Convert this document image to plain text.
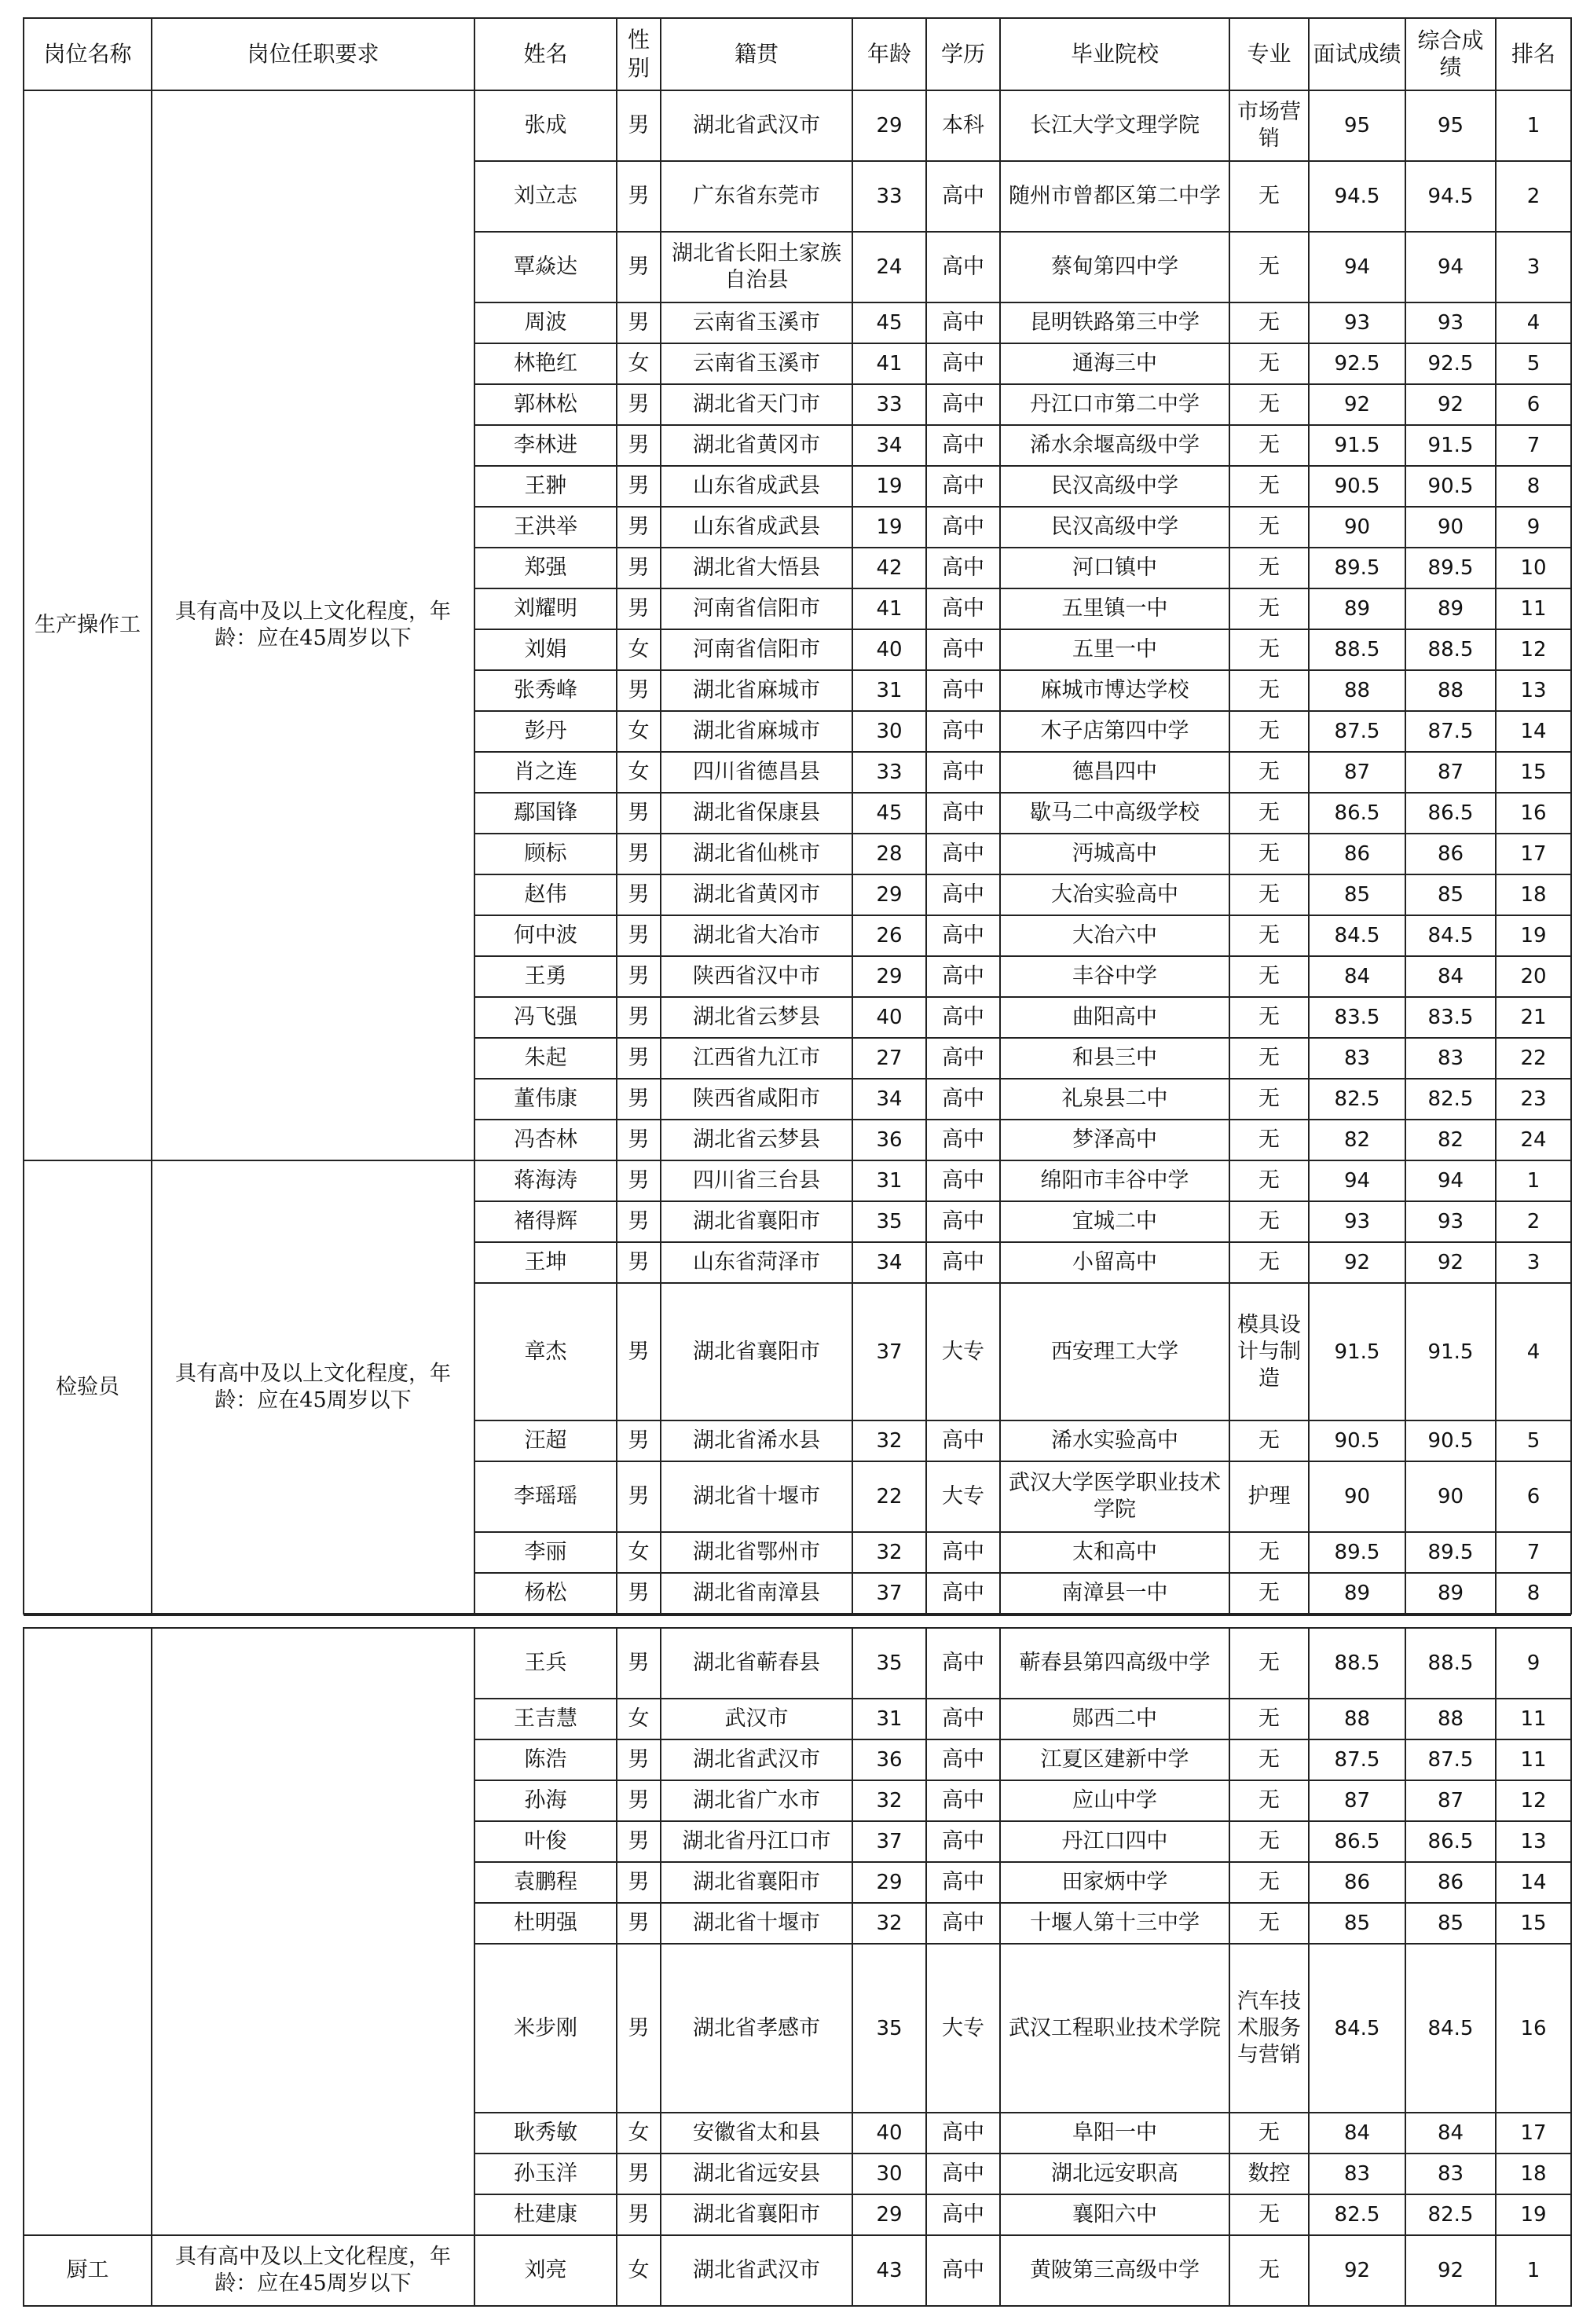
岗位名称	岗位任职要求	姓名	性别	籍贯	年龄	学历	毕业院校	专业	面试成绩	综合成绩	排名
生产操作工	具有高中及以上文化程度，年龄：应在45周岁以下	张成	男	湖北省武汉市	29	本科	长江大学文理学院	市场营销	95	95	1
		刘立志	男	广东省东莞市	33	高中	随州市曾都区第二中学	无	94.5	94.5	2
		覃焱达	男	湖北省长阳土家族自治县	24	高中	蔡甸第四中学	无	94	94	3
		周波	男	云南省玉溪市	45	高中	昆明铁路第三中学	无	93	93	4
		林艳红	女	云南省玉溪市	41	高中	通海三中	无	92.5	92.5	5
		郭林松	男	湖北省天门市	33	高中	丹江口市第二中学	无	92	92	6
		李林进	男	湖北省黄冈市	34	高中	浠水余堰高级中学	无	91.5	91.5	7
		王翀	男	山东省成武县	19	高中	民汉高级中学	无	90.5	90.5	8
		王洪举	男	山东省成武县	19	高中	民汉高级中学	无	90	90	9
		郑强	男	湖北省大悟县	42	高中	河口镇中	无	89.5	89.5	10
		刘耀明	男	河南省信阳市	41	高中	五里镇一中	无	89	89	11
		刘娟	女	河南省信阳市	40	高中	五里一中	无	88.5	88.5	12
		张秀峰	男	湖北省麻城市	31	高中	麻城市博达学校	无	88	88	13
		彭丹	女	湖北省麻城市	30	高中	木子店第四中学	无	87.5	87.5	14
		肖之连	女	四川省德昌县	33	高中	德昌四中	无	87	87	15
		鄢国锋	男	湖北省保康县	45	高中	歇马二中高级学校	无	86.5	86.5	16
		顾标	男	湖北省仙桃市	28	高中	沔城高中	无	86	86	17
		赵伟	男	湖北省黄冈市	29	高中	大冶实验高中	无	85	85	18
		何中波	男	湖北省大冶市	26	高中	大冶六中	无	84.5	84.5	19
		王勇	男	陕西省汉中市	29	高中	丰谷中学	无	84	84	20
		冯飞强	男	湖北省云梦县	40	高中	曲阳高中	无	83.5	83.5	21
		朱起	男	江西省九江市	27	高中	和县三中	无	83	83	22
		董伟康	男	陕西省咸阳市	34	高中	礼泉县二中	无	82.5	82.5	23
		冯杏林	男	湖北省云梦县	36	高中	梦泽高中	无	82	82	24
检验员	具有高中及以上文化程度，年龄：应在45周岁以下	蒋海涛	男	四川省三台县	31	高中	绵阳市丰谷中学	无	94	94	1
		褚得辉	男	湖北省襄阳市	35	高中	宜城二中	无	93	93	2
		王坤	男	山东省菏泽市	34	高中	小留高中	无	92	92	3
		章杰	男	湖北省襄阳市	37	大专	西安理工大学	模具设计与制造	91.5	91.5	4
		汪超	男	湖北省浠水县	32	高中	浠水实验高中	无	90.5	90.5	5
		李瑶瑶	男	湖北省十堰市	22	大专	武汉大学医学职业技术学院	护理	90	90	6
		李丽	女	湖北省鄂州市	32	高中	太和高中	无	89.5	89.5	7
		杨松	男	湖北省南漳县	37	高中	南漳县一中	无	89	89	8

		王兵	男	湖北省蕲春县	35	高中	蕲春县第四高级中学	无	88.5	88.5	9
		王吉慧	女	武汉市	31	高中	郧西二中	无	88	88	11
		陈浩	男	湖北省武汉市	36	高中	江夏区建新中学	无	87.5	87.5	11
		孙海	男	湖北省广水市	32	高中	应山中学	无	87	87	12
		叶俊	男	湖北省丹江口市	37	高中	丹江口四中	无	86.5	86.5	13
		袁鹏程	男	湖北省襄阳市	29	高中	田家炳中学	无	86	86	14
		杜明强	男	湖北省十堰市	32	高中	十堰人第十三中学	无	85	85	15
		米步刚	男	湖北省孝感市	35	大专	武汉工程职业技术学院	汽车技术服务与营销	84.5	84.5	16
		耿秀敏	女	安徽省太和县	40	高中	阜阳一中	无	84	84	17
		孙玉洋	男	湖北省远安县	30	高中	湖北远安职高	数控	83	83	18
		杜建康	男	湖北省襄阳市	29	高中	襄阳六中	无	82.5	82.5	19
厨工	具有高中及以上文化程度，年龄：应在45周岁以下	刘亮	女	湖北省武汉市	43	高中	黄陂第三高级中学	无	92	92	1
